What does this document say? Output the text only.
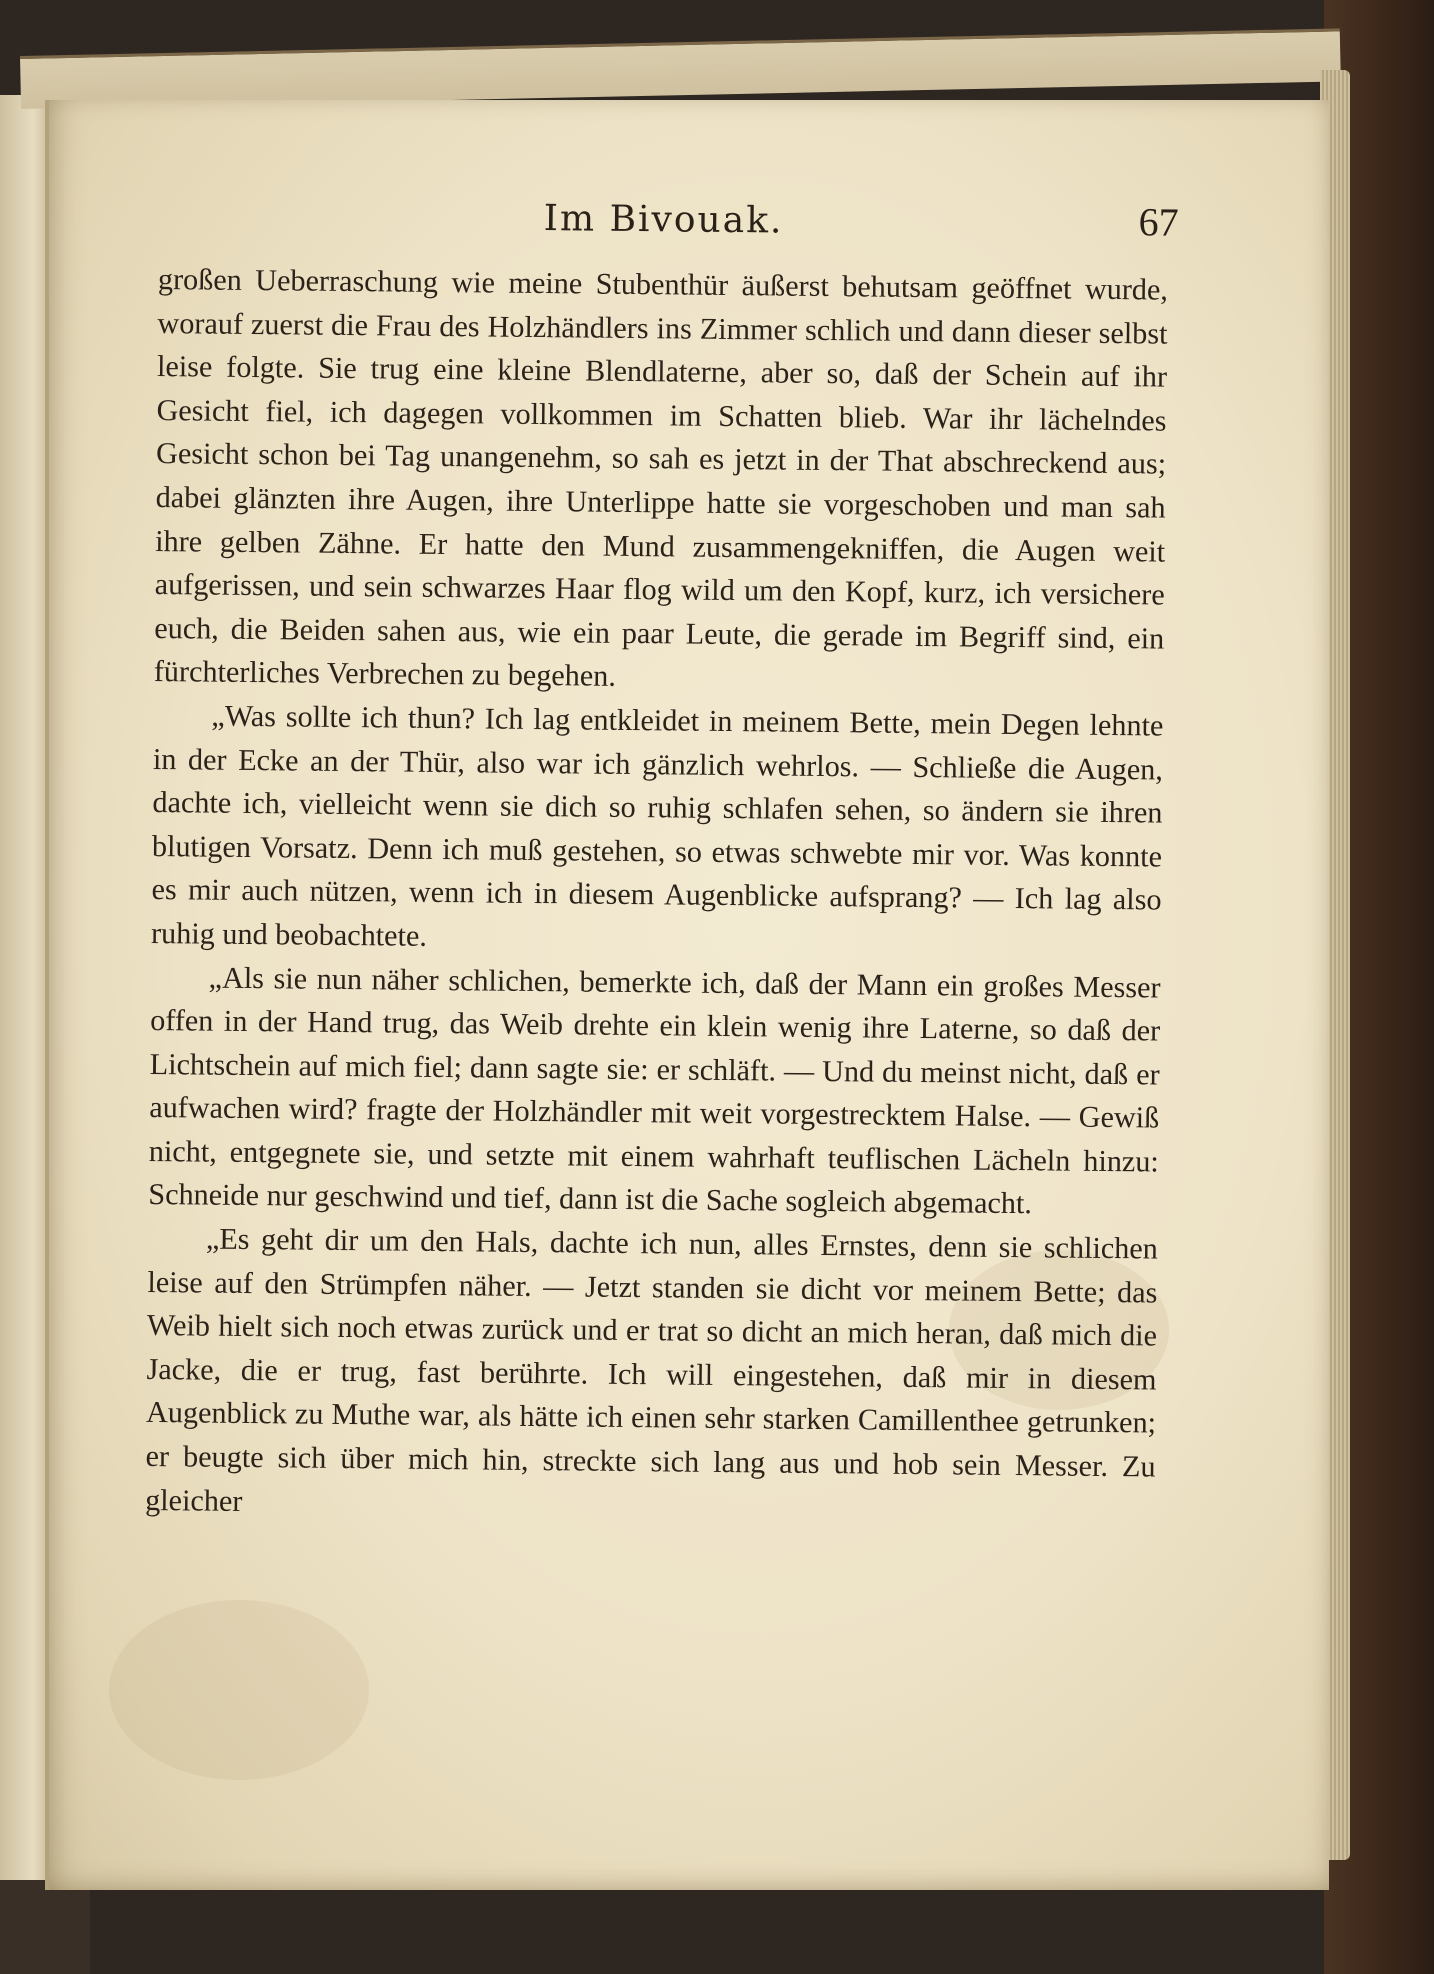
Im Bivouak.	67

großen Ueberraschung wie meine Stubenthür äußerst behutsam geöffnet wurde, worauf zuerst die Frau des Holzhändlers ins Zimmer schlich und dann dieser selbst leise folgte. Sie trug eine kleine Blendlaterne, aber so, daß der Schein auf ihr Gesicht fiel, ich dagegen vollkommen im Schatten blieb. War ihr lächelndes Gesicht schon bei Tag unangenehm, so sah es jetzt in der That abschreckend aus; dabei glänzten ihre Augen, ihre Unterlippe hatte sie vorgeschoben und man sah ihre gelben Zähne. Er hatte den Mund zusammengekniffen, die Augen weit aufgerissen, und sein schwarzes Haar flog wild um den Kopf, kurz, ich versichere euch, die Beiden sahen aus, wie ein paar Leute, die gerade im Begriff sind, ein fürchterliches Verbrechen zu begehen.

„Was sollte ich thun? Ich lag entkleidet in meinem Bette, mein Degen lehnte in der Ecke an der Thür, also war ich gänzlich wehrlos. — Schließe die Augen, dachte ich, vielleicht wenn sie dich so ruhig schlafen sehen, so ändern sie ihren blutigen Vorsatz. Denn ich muß gestehen, so etwas schwebte mir vor. Was konnte es mir auch nützen, wenn ich in diesem Augenblicke aufsprang? — Ich lag also ruhig und beobachtete.

„Als sie nun näher schlichen, bemerkte ich, daß der Mann ein großes Messer offen in der Hand trug, das Weib drehte ein klein wenig ihre Laterne, so daß der Lichtschein auf mich fiel; dann sagte sie: er schläft. — Und du meinst nicht, daß er aufwachen wird? fragte der Holzhändler mit weit vorgestrecktem Halse. — Gewiß nicht, entgegnete sie, und setzte mit einem wahrhaft teuflischen Lächeln hinzu: Schneide nur geschwind und tief, dann ist die Sache sogleich abgemacht.

„Es geht dir um den Hals, dachte ich nun, alles Ernstes, denn sie schlichen leise auf den Strümpfen näher. — Jetzt standen sie dicht vor meinem Bette; das Weib hielt sich noch etwas zurück und er trat so dicht an mich heran, daß mich die Jacke, die er trug, fast berührte. Ich will eingestehen, daß mir in diesem Augenblick zu Muthe war, als hätte ich einen sehr starken Camillenthee getrunken; er beugte sich über mich hin, streckte sich lang aus und hob sein Messer. Zu gleicher
